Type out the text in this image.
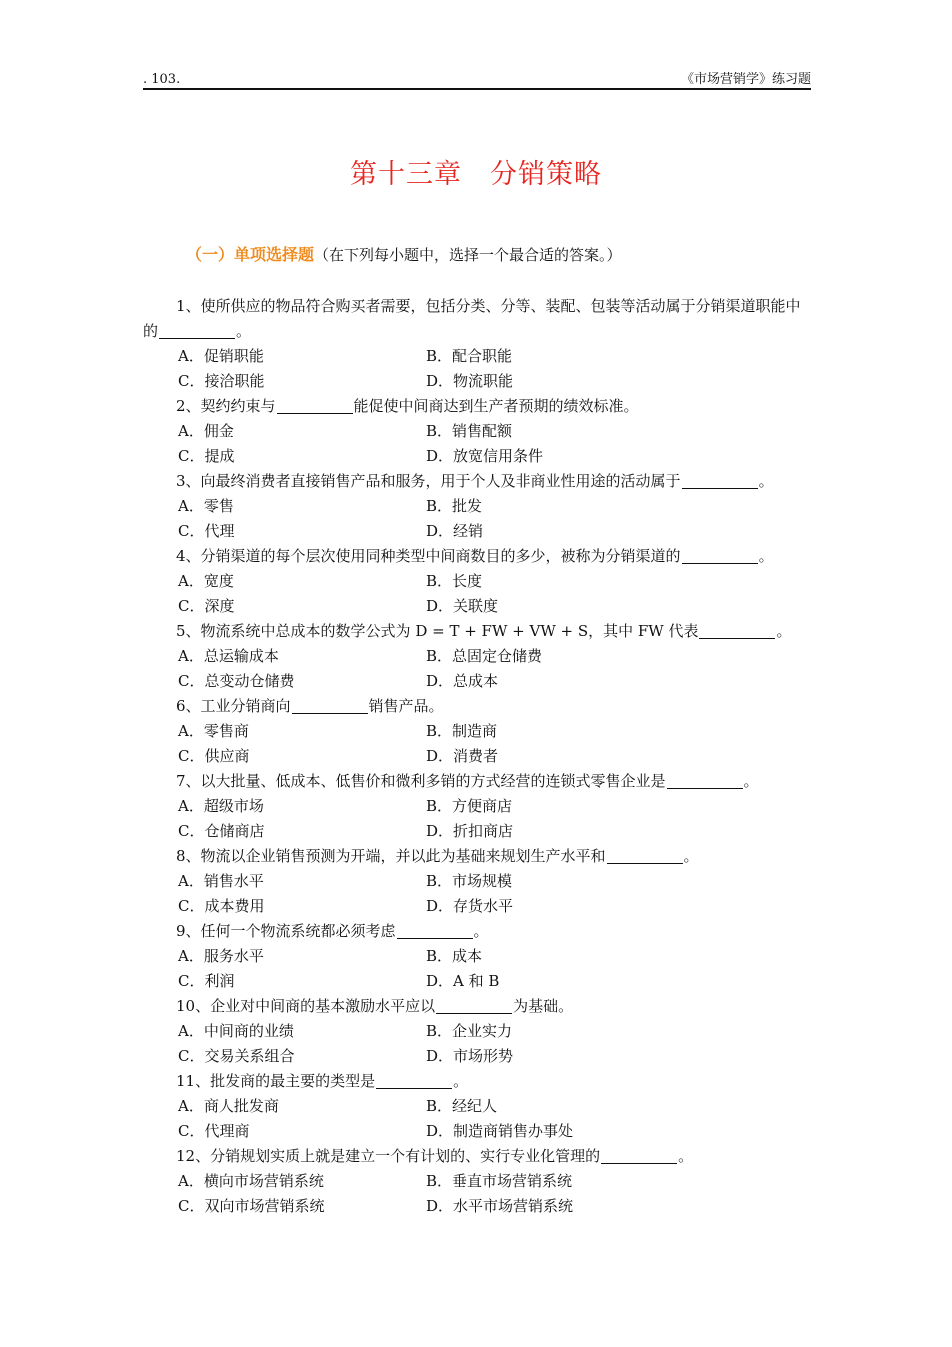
. 103.	《市场营销学》练习题
第十三章　分销策略
（一）单项选择题（在下列每小题中，选择一个最合适的答案。）

1、使所供应的物品符合购买者需要，包括分类、分等、装配、包装等活动属于分销渠道职能中的	。

A．促销职能	B．配合职能
C．接洽职能	D．物流职能
2、契约约束与	能促使中间商达到生产者预期的绩效标准。
A．佣金	B．销售配额
C．提成	D．放宽信用条件
3、向最终消费者直接销售产品和服务，用于个人及非商业性用途的活动属于	。
A．零售	B．批发
C．代理	D．经销
4、分销渠道的每个层次使用同种类型中间商数目的多少，被称为分销渠道的	。
A．宽度	B．长度
C．深度	D．关联度
5、物流系统中总成本的数学公式为 D = T + FW + VW + S，其中 FW 代表	。
A．总运输成本	B．总固定仓储费
C．总变动仓储费	D．总成本
6、工业分销商向	销售产品。
A．零售商	B．制造商
C．供应商	D．消费者
7、以大批量、低成本、低售价和微利多销的方式经营的连锁式零售企业是	。
A．超级市场	B．方便商店
C．仓储商店	D．折扣商店
8、物流以企业销售预测为开端，并以此为基础来规划生产水平和	。
A．销售水平	B．市场规模
C．成本费用	D．存货水平
9、任何一个物流系统都必须考虑	。
A．服务水平	B．成本
C．利润	D．A 和 B
10、企业对中间商的基本激励水平应以	为基础。
A．中间商的业绩	B．企业实力
C．交易关系组合	D．市场形势
11、批发商的最主要的类型是	。
A．商人批发商	B．经纪人
C．代理商	D．制造商销售办事处
12、分销规划实质上就是建立一个有计划的、实行专业化管理的	。
A．横向市场营销系统	B．垂直市场营销系统
C．双向市场营销系统	D．水平市场营销系统
